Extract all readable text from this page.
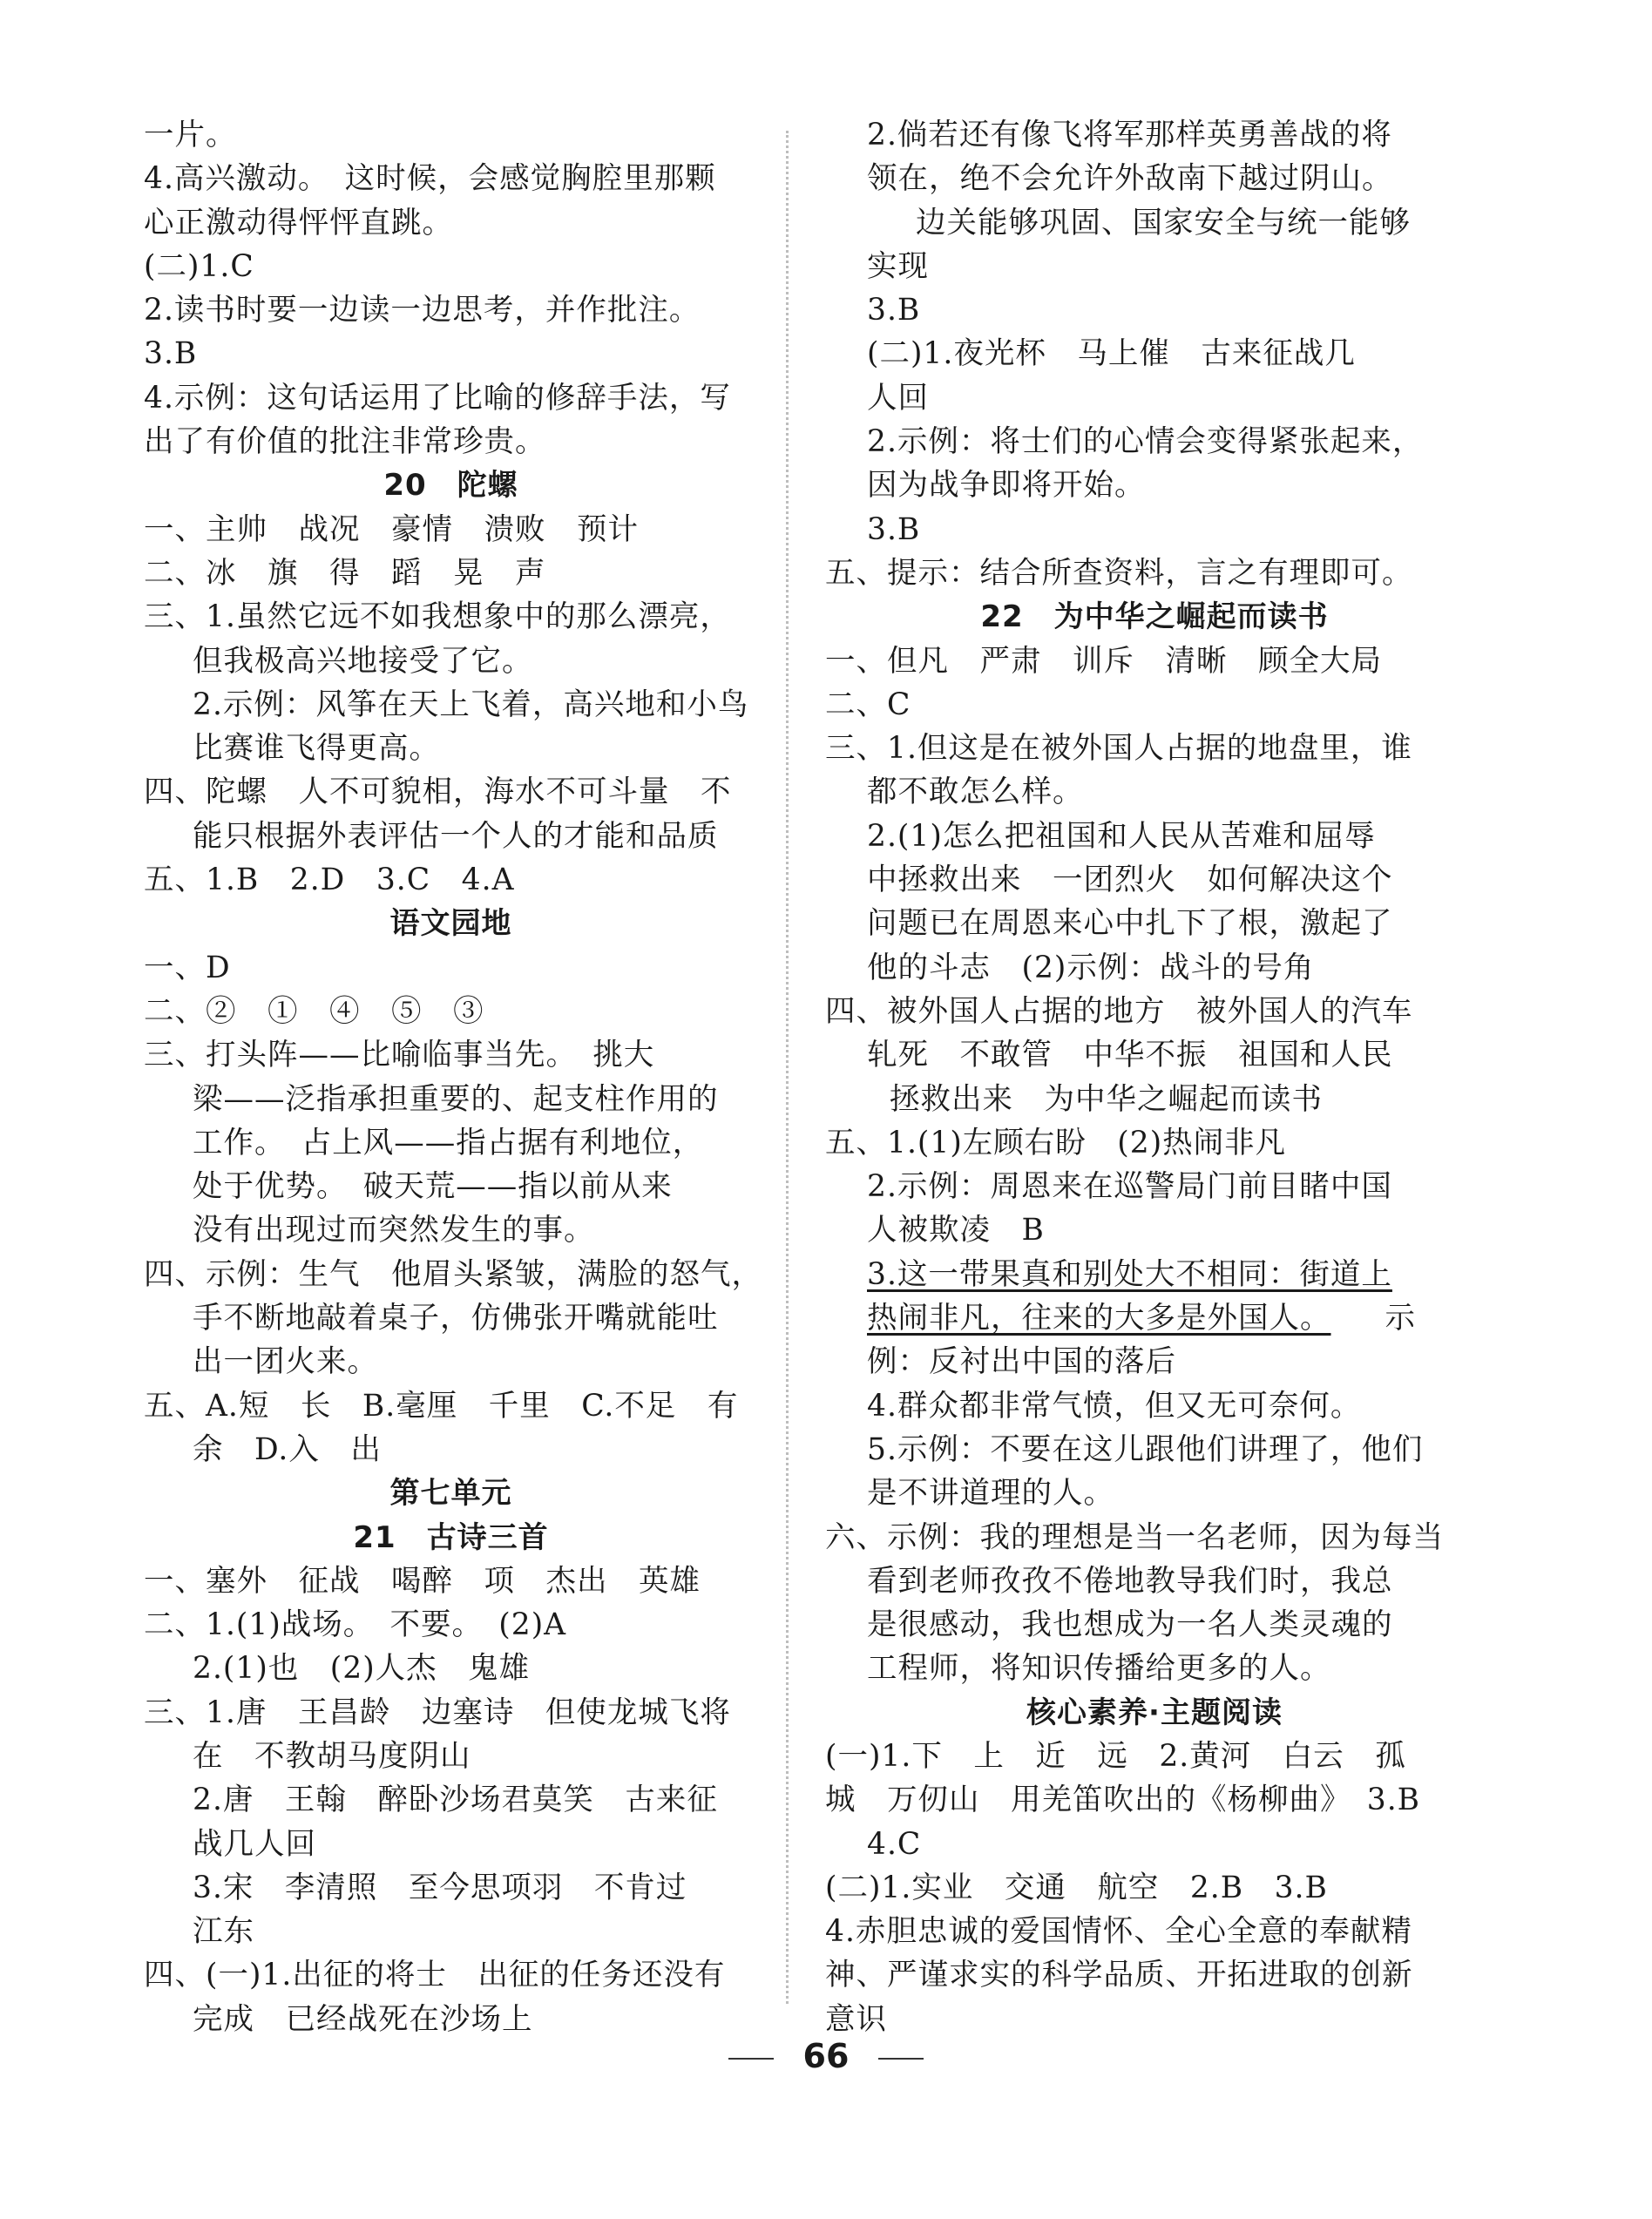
一片。
4.高兴激动。　这时候，会感觉胸腔里那颗
心正激动得怦怦直跳。
(二)1.C
2.读书时要一边读一边思考，并作批注。
3.B
4.示例：这句话运用了比喻的修辞手法，写
出了有价值的批注非常珍贵。
20　陀螺
一、主帅　战况　豪情　溃败　预计
二、冰　旗　得　蹈　晃　声
三、1.虽然它远不如我想象中的那么漂亮，
但我极高兴地接受了它。
2.示例：风筝在天上飞着，高兴地和小鸟
比赛谁飞得更高。
四、陀螺　人不可貌相，海水不可斗量　不
能只根据外表评估一个人的才能和品质
五、1.B　2.D　3.C　4.A
语文园地
一、D
二、②　①　④　⑤　③
三、打头阵——比喻临事当先。　挑大
梁——泛指承担重要的、起支柱作用的
工作。　占上风——指占据有利地位，
处于优势。　破天荒——指以前从来
没有出现过而突然发生的事。
四、示例：生气　他眉头紧皱，满脸的怒气，
手不断地敲着桌子，仿佛张开嘴就能吐
出一团火来。
五、A.短　长　B.毫厘　千里　C.不足　有
余　D.入　出
第七单元
21　古诗三首
一、塞外　征战　喝醉　项　杰出　英雄
二、1.(1)战场。　不要。　(2)A
2.(1)也　(2)人杰　鬼雄
三、1.唐　王昌龄　边塞诗　但使龙城飞将
在　不教胡马度阴山
2.唐　王翰　醉卧沙场君莫笑　古来征
战几人回
3.宋　李清照　至今思项羽　不肯过
江东
四、(一)1.出征的将士　出征的任务还没有
完成　已经战死在沙场上
2.倘若还有像飞将军那样英勇善战的将
领在，绝不会允许外敌南下越过阴山。
边关能够巩固、国家安全与统一能够
实现
3.B
(二)1.夜光杯　马上催　古来征战几
人回
2.示例：将士们的心情会变得紧张起来，
因为战争即将开始。
3.B
五、提示：结合所查资料，言之有理即可。
22　为中华之崛起而读书
一、但凡　严肃　训斥　清晰　顾全大局
二、C
三、1.但这是在被外国人占据的地盘里，谁
都不敢怎么样。
2.(1)怎么把祖国和人民从苦难和屈辱
中拯救出来　一团烈火　如何解决这个
问题已在周恩来心中扎下了根，激起了
他的斗志　(2)示例：战斗的号角
四、被外国人占据的地方　被外国人的汽车
轧死　不敢管　中华不振　祖国和人民
拯救出来　为中华之崛起而读书
五、1.(1)左顾右盼　(2)热闹非凡
2.示例：周恩来在巡警局门前目睹中国
人被欺凌　B
3.这一带果真和别处大不相同：街道上
热闹非凡，往来的大多是外国人。 示
例：反衬出中国的落后
4.群众都非常气愤，但又无可奈何。
5.示例：不要在这儿跟他们讲理了，他们
是不讲道理的人。
六、示例：我的理想是当一名老师，因为每当
看到老师孜孜不倦地教导我们时，我总
是很感动，我也想成为一名人类灵魂的
工程师，将知识传播给更多的人。
核心素养·主题阅读
(一)1.下　上　近　远　2.黄河　白云　孤
城　万仞山　用羌笛吹出的《杨柳曲》　3.B
4.C
(二)1.实业　交通　航空　2.B　3.B
4.赤胆忠诚的爱国情怀、全心全意的奉献精
神、严谨求实的科学品质、开拓进取的创新
意识
66
